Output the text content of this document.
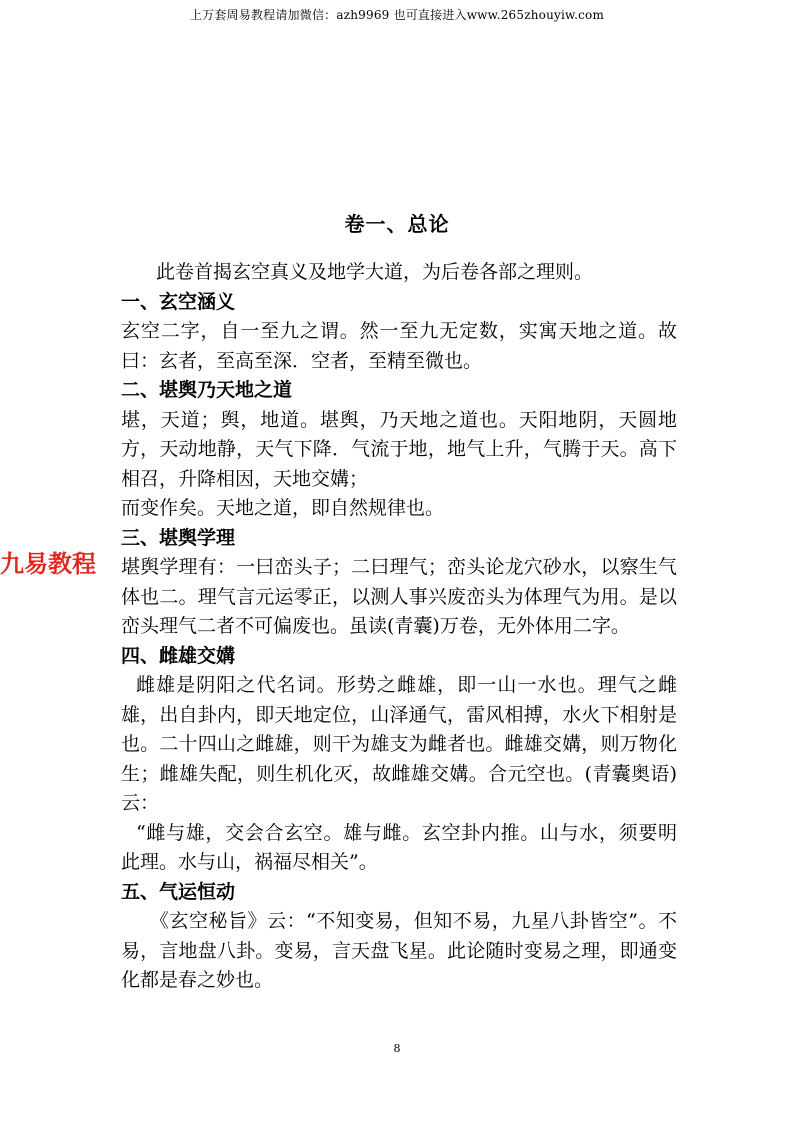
上万套周易教程请加微信：azh9969 也可直接进入www.265zhouyiw.com
卷一、总论

此卷首揭玄空真义及地学大道，为后卷各部之理则。

一、玄空涵义

玄空二字，自一至九之谓。然一至九无定数，实寓天地之道。故曰：玄者，至高至深．空者，至精至微也。

二、堪舆乃天地之道

堪，天道；舆，地道。堪舆，乃天地之道也。天阳地阴，天圆地方，天动地静，天气下降．气流于地，地气上升，气腾于天。高下相召，升降相因，天地交媾；

而变作矣。天地之道，即自然规律也。

三、堪舆学理

堪舆学理有：一曰峦头子；二曰理气；峦头论龙穴砂水，以察生气体也二。理气言元运零正，以测人事兴废峦头为体理气为用。是以峦头理气二者不可偏废也。虽读(青囊)万卷，无外体用二字。

四、雌雄交媾

雌雄是阴阳之代名词。形势之雌雄，即一山一水也。理气之雌雄，出自卦内，即天地定位，山泽通气，雷风相搏，水火下相射是也。二十四山之雌雄，则干为雄支为雌者也。雌雄交媾，则万物化生；雌雄失配，则生机化灭，故雌雄交媾。合元空也。(青囊奥语)云：

“雌与雄，交会合玄空。雄与雌。玄空卦内推。山与水，须要明此理。水与山，祸福尽相关”。

五、气运恒动

《玄空秘旨》云：“不知变易，但知不易，九星八卦皆空”。不易，言地盘八卦。变易，言天盘飞星。此论随时变易之理，即通变化都是春之妙也。

九易教程
8
